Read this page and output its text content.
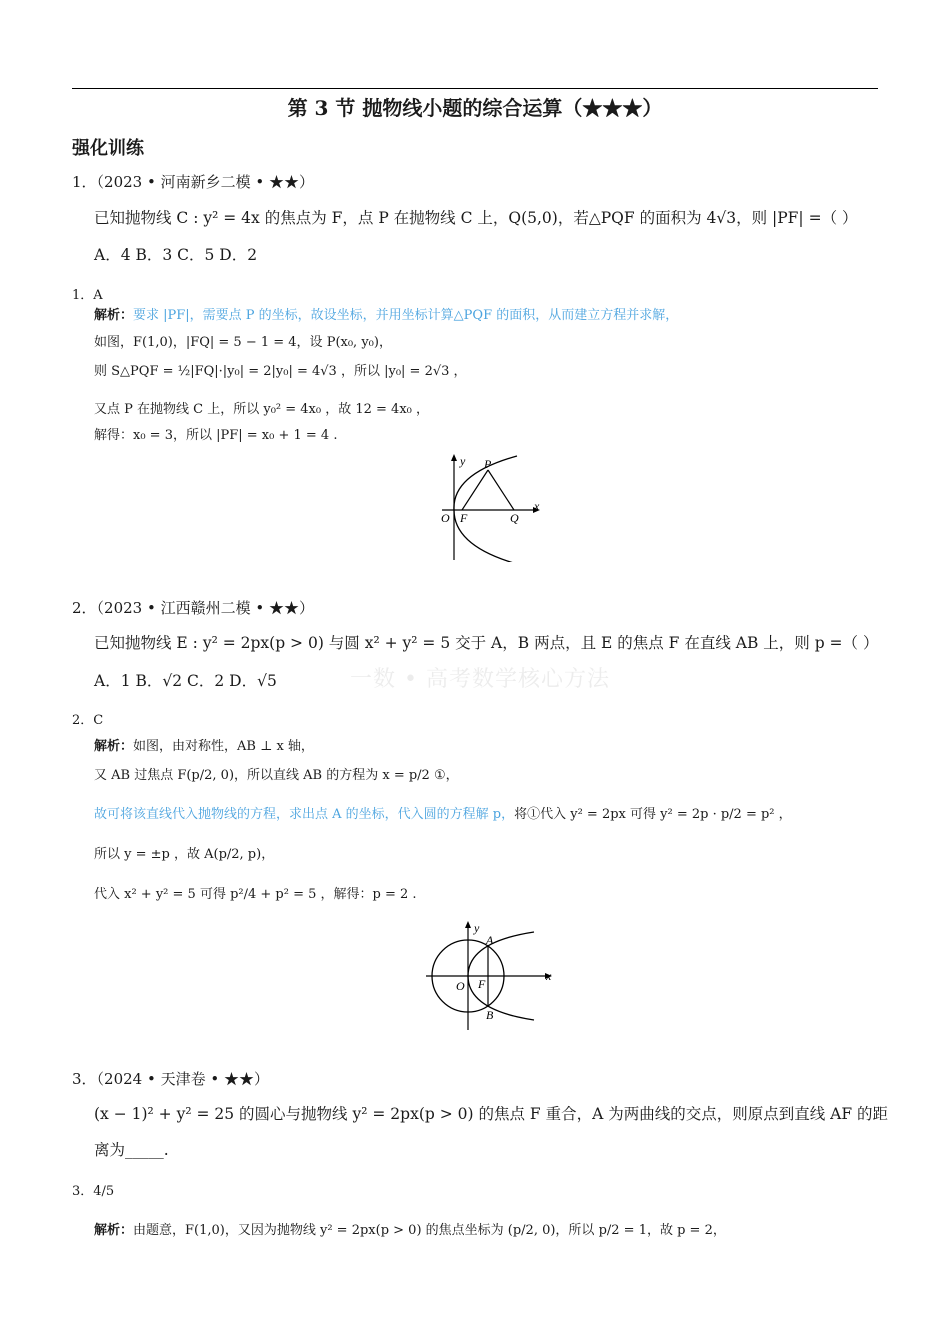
第 3 节 抛物线小题的综合运算（★★★）
强化训练
一数 • 高考数学核心方法
1．（2023 • 河南新乡二模 • ★★）
已知抛物线 C : y² = 4x 的焦点为 F，点 P 在抛物线 C 上，Q(5,0)，若△PQF 的面积为 4√3，则 |PF| =（ ）
A．4 B．3 C．5 D．2
1．A
解析：要求 |PF|，需要点 P 的坐标，故设坐标，并用坐标计算△PQF 的面积，从而建立方程并求解，
如图，F(1,0)，|FQ| = 5 − 1 = 4，设 P(x₀, y₀)，
则 S△PQF = ½|FQ|·|y₀| = 2|y₀| = 4√3 ，所以 |y₀| = 2√3 ，
又点 P 在抛物线 C 上，所以 y₀² = 4x₀ ，故 12 = 4x₀ ，
解得：x₀ = 3，所以 |PF| = x₀ + 1 = 4 .
y
x
P
O F	Q
2．（2023 • 江西赣州二模 • ★★）
已知抛物线 E : y² = 2px(p > 0) 与圆 x² + y² = 5 交于 A，B 两点，且 E 的焦点 F 在直线 AB 上，则 p =（ ）
A．1 B．√2 C．2 D．√5
2．C
解析：如图，由对称性，AB ⊥ x 轴，
又 AB 过焦点 F(p/2, 0)，所以直线 AB 的方程为 x = p/2 ①，
故可将该直线代入抛物线的方程，求出点 A 的坐标，代入圆的方程解 p，将①代入 y² = 2px 可得 y² = 2p · p/2 = p² ，
所以 y = ±p ，故 A(p/2, p)，
代入 x² + y² = 5 可得 p²/4 + p² = 5 ，解得：p = 2 .
y
x
A
O F
B
3．（2024 • 天津卷 • ★★）
(x − 1)² + y² = 25 的圆心与抛物线 y² = 2px(p > 0) 的焦点 F 重合，A 为两曲线的交点，则原点到直线 AF 的距
离为_____.
3．4/5
解析：由题意，F(1,0)，又因为抛物线 y² = 2px(p > 0) 的焦点坐标为 (p/2, 0)，所以 p/2 = 1，故 p = 2，
